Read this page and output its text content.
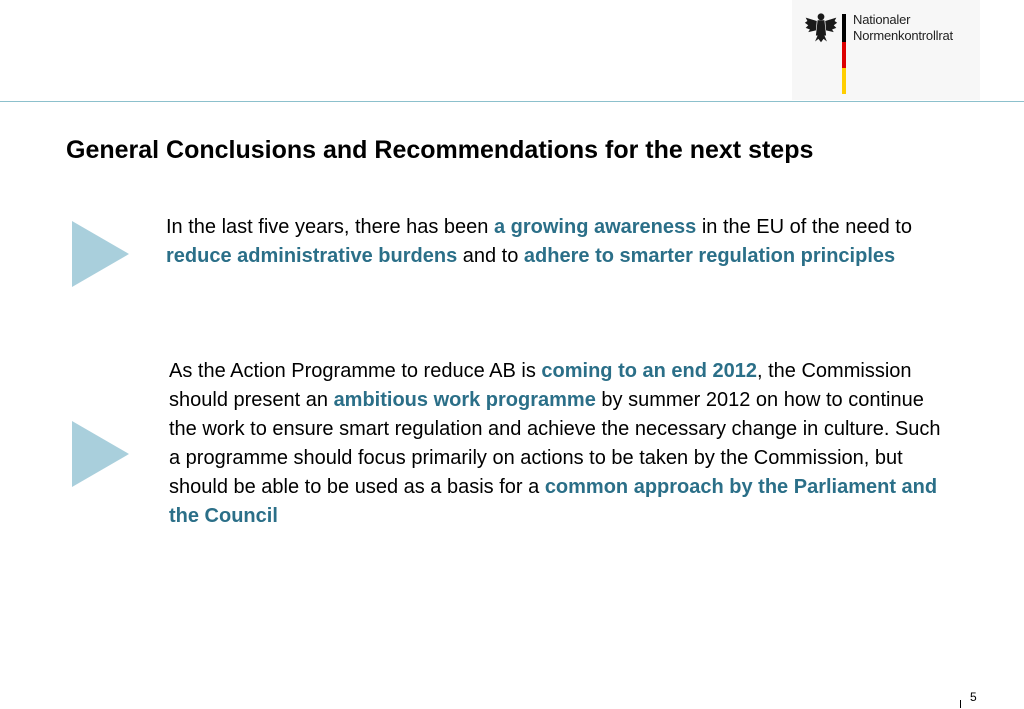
Nationaler
Normenkontrollrat
General Conclusions and Recommendations for the next steps

In the last five years, there has been a growing awareness in the EU of the need to reduce administrative burdens and to adhere to smarter regulation principles

As the Action Programme to reduce AB is coming to an end 2012, the Commission should present an ambitious work programme by summer 2012 on how to continue the work to ensure smart regulation and achieve the necessary change in culture. Such a programme should focus primarily on actions to be taken by the Commission, but should be able to be used as a basis for a common approach by the Parliament and the Council

5
